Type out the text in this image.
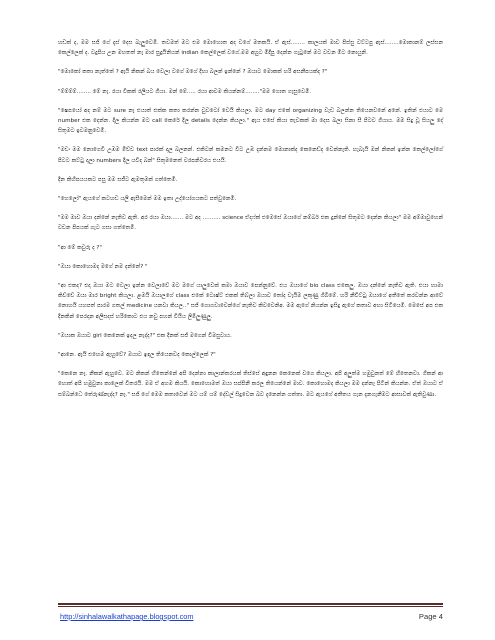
හඩක් ද, මම සජි ගේ දැස් දෙස බැලුවෙමි. තවමත් මට එම මොහොත අද වගේ මතකයි. ඒ ඇස්........ කාලයක් මාව පිස්සු වට්ටපු ඇස්........මොකානම් ලස්සන කෙල්ලෙක් ද. වදුපිය උන මහතත් නැ මාර සුදුයිනියන් indian කෙල්ලෙක් වගේ.මම අහුට මිදිපු දෙන්න ගැටුනේ මට වචන මිට නොයුනි.

"මොකෝ කතා නැත්තේ ? ඇයි නිකන් බය වෙලා වගේ මගේ දිහා බලන් ඉන්නේ ? ඔයාට මොකක් හරි අසනීපයක්ද ?"

"ම්ම්ම්ම්........ මේ නැ. රයා වීකක් රලියට ගියා. මන් මේ..... රයා ආවම කියන්නම්........"මම ගොත ගැසුවෙමි.

"ෂෙපයෝ අද නම් මට sure නෑ එයාත් එක්ක කතා කරන්න වුවටෝ වෙයි කියලා. මට day එකේ organizing වැඩ බලන්න තියෙනවනේ අනේ. ඉතින් එයාට මෙ number එක දෙන්න. දිල කියන්න මට call කෙරේ දිල details දෙන්න කියලා." ඇය එසේ කියා තැවකක් මා දෙස බලා සිනා සී පිටව ගියාය. මම සිදු වූ සියලු දේ සිතුමට ඉවමනුවෙමි.

"මචං මම නොගෙවී උඹම මිච්ච text පාරක් දාල බලනන්. එකිටන් කමනට වීට උඹ දැන්නම මොනාක්ද කෙනෙඩ්ද වෙන්නැති. හැබැයි මන් නිකන් ඉන්න කෙල්ලෝගේ පිටට කට්ටු දාලා numbers දිල යවීද බන්" සිතුමනෙත් වරපනිවරය එයයි.

දින කිහිපයයකට පසු මම සජීට ඇමතුමක් ගත්තෙමි.

"හෙලෝ" ඇයගේ කටහඩ යලි ඇසීමෙන් මම ඉතා උද්යෝගයකට පත්වුනෙමි.

"මම මාව ඔයා දන්නේ නැතිව ඇති. අර රයා ඔයා....... මට අද .......... science ඒදෆ්ක් එමෙසේ ඔයාගේ නම්බර් එක දුන්නේ සිතුමට දෙන්න කියලා" මම අම්මාවුහෙන් වචන පිපයක් ගැට ගසා ගත්තෙමි.

"ආ මේ කවුරු ද ?"

"ඔයා කොහොමද මගේ නම දන්නේ? "

"ආ එකද? එදා ඔයා මට වෙලා ඉන්න වෙලාවේ මට මගේ යාලුවෙක් කමා ඔයාව පෙන්නුවේ. එය ඔයාගේ bio class එකෙලු. ඔයා දන්නේ නැතිව ඇති. එයා හාමා කිව්වේ ඔයා මාර bright කියලා. ළමයි ඔයාලගේ class එකේ ටොෂ්ට් එකක් තිබ්ලා ඔයාව තෝද වැයිම ලකුණු ගිබිමේ. හරි නීවිට්ටු ඔයාගේ අතීතේ කරවන්න ආවේ නොහයි යහපත් පාරම ගතල් medicine යනවා කියල.." සජි ගොගවාවෙන්ගේ නැතිව කිවවෙනිඅ. මම ඇගේ නියන්න ඉසිදු ඇගේ කතාව අහා සිටියෙමි. මෙසේ අප එක දිනකින් පෙරදාන අලිසදස් හරිකොට එය නවු පහන් වියිය ලිමිලුණුලු.

"ඔයාක ඔයාට girl කෙනෙක් ඉදල නැද්ද?" එක දිනක් සජි මගෙන් විමසුවාය.

"ආනෙ. ඇයි එහෙම ඇහුවේ? ඔයාට ඉඳල තියෙනවද කොල්ලෙක් ?"

"කෙනෙ නෑ. නීකන් ඇහුවෙ. මට නිකන් හිතෙන්නේ අපි දෙන්නා කාලාන්තරයක් තිස්සේ අඳුනන කෙනෙක් වගෙ කියලා. අපි අලුත්ම හමුවුනත් මේ හිතෙනවා. ගිකන් ආ හොත් අපි හමුවුනා කාලෙක් විතරයි. මම ඒ අහම කියයි. කොහොමත් ඔයා සප්පිනී කරල තියෙන්නේ මාව. කොහොමද කියලා මම දන්නෑ පිටින් කියන්න. ඒත් ඔයාට ඒ සම්බන්ධෙ තේරුණ්නැද්ද? නෑ." සජි ගේ මෙම කතාවෙන් මට යම් යම් දේවල් සිදුවෙන බව දැනෙන්න ගත්තා. මට ඇයගේ අතීතය ගැන දැනගැනීමට ආසාවක් ඇතිවුණා.

http://sinhalawalkathapage.blogspot.com	Page 4
